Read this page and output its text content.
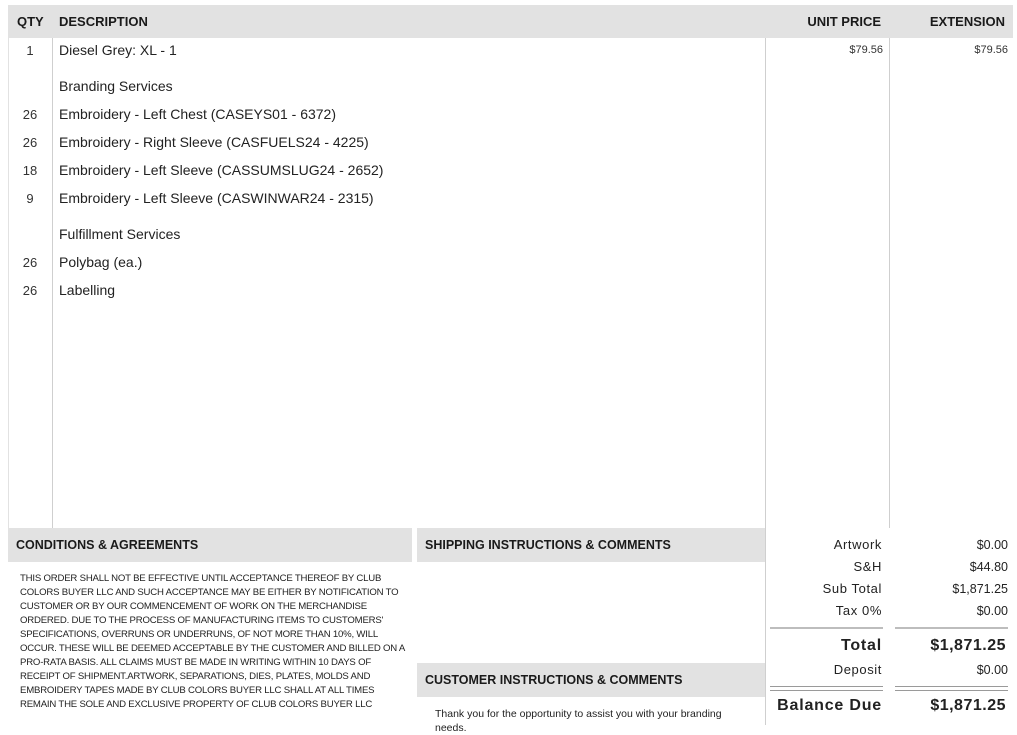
QTY DESCRIPTION	UNIT PRICE	EXTENSION
1	Diesel Grey: XL - 1	$79.56	$79.56
Branding Services
26	Embroidery - Left Chest (CASEYS01 - 6372)
26	Embroidery - Right Sleeve (CASFUELS24 - 4225)
18	Embroidery - Left Sleeve (CASSUMSLUG24 - 2652)
9	Embroidery - Left Sleeve (CASWINWAR24 - 2315)
Fulfillment Services
26	Polybag (ea.)
26	Labelling
CONDITIONS & AGREEMENTS
THIS ORDER SHALL NOT BE EFFECTIVE UNTIL ACCEPTANCE THEREOF BY CLUB
COLORS BUYER LLC AND SUCH ACCEPTANCE MAY BE EITHER BY NOTIFICATION TO
CUSTOMER OR BY OUR COMMENCEMENT OF WORK ON THE MERCHANDISE
ORDERED. DUE TO THE PROCESS OF MANUFACTURING ITEMS TO CUSTOMERS'
SPECIFICATIONS, OVERRUNS OR UNDERRUNS, OF NOT MORE THAN 10%, WILL
OCCUR. THESE WILL BE DEEMED ACCEPTABLE BY THE CUSTOMER AND BILLED ON A
PRO-RATA BASIS. ALL CLAIMS MUST BE MADE IN WRITING WITHIN 10 DAYS OF
RECEIPT OF SHIPMENT.ARTWORK, SEPARATIONS, DIES, PLATES, MOLDS AND
EMBROIDERY TAPES MADE BY CLUB COLORS BUYER LLC SHALL AT ALL TIMES
REMAIN THE SOLE AND EXCLUSIVE PROPERTY OF CLUB COLORS BUYER LLC
SHIPPING INSTRUCTIONS & COMMENTS
CUSTOMER INSTRUCTIONS & COMMENTS
Thank you for the opportunity to assist you with your branding needs.
Artwork	$0.00
S&H	$44.80
Sub Total	$1,871.25
Tax 0%	$0.00
Total	$1,871.25
Deposit	$0.00
Balance Due	$1,871.25
